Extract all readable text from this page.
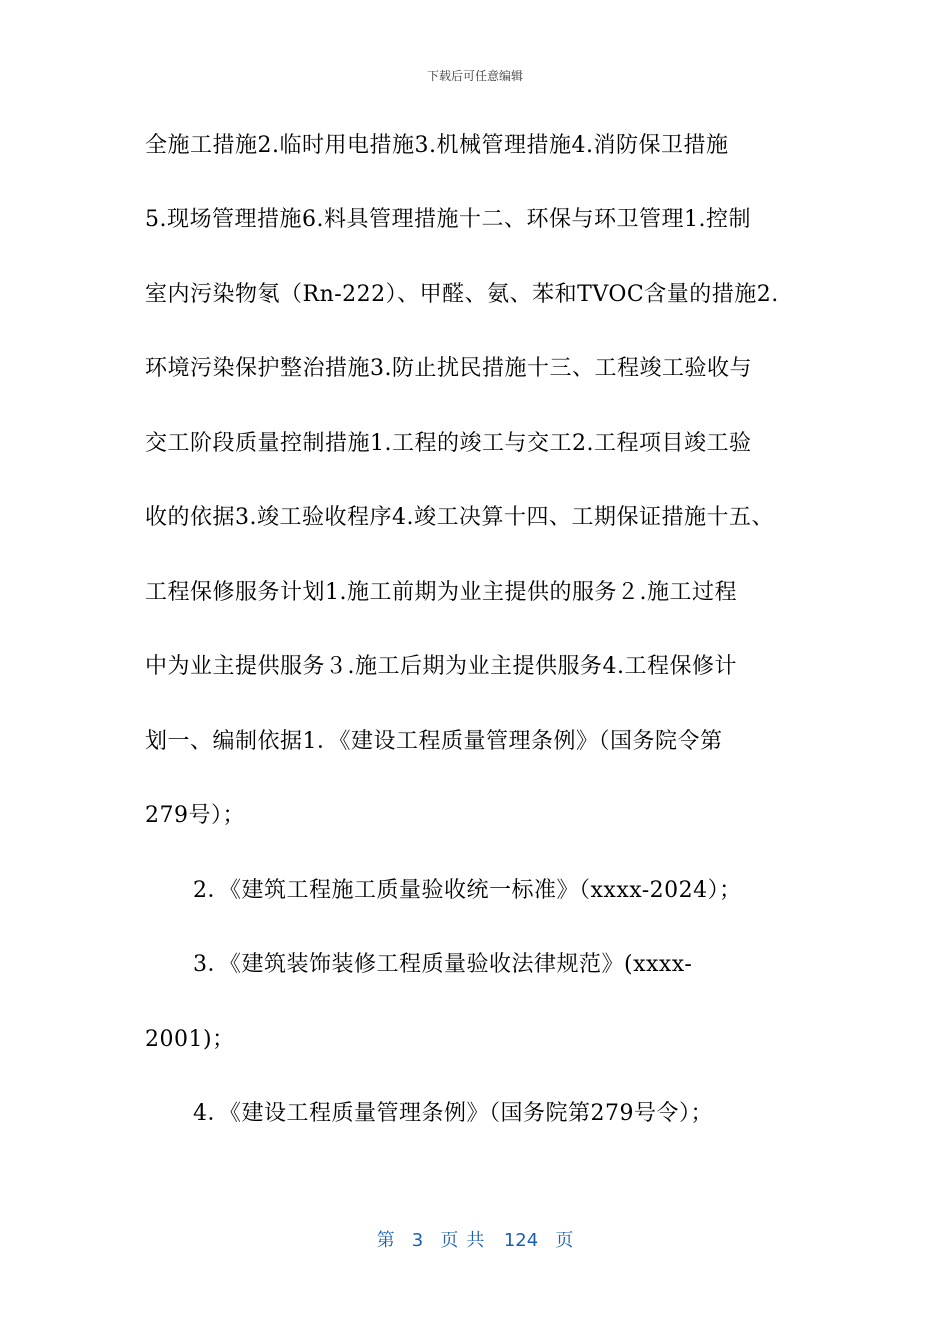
下载后可任意编辑
全施工措施2.临时用电措施3.机械管理措施4.消防保卫措施
5.现场管理措施6.料具管理措施十二、环保与环卫管理1.控制
室内污染物氡（Rn-222）、甲醛、氨、苯和TVOC含量的措施2.
环境污染保护整治措施3.防止扰民措施十三、工程竣工验收与
交工阶段质量控制措施1.工程的竣工与交工2.工程项目竣工验
收的依据3.竣工验收程序4.竣工决算十四、工期保证措施十五、
工程保修服务计划1.施工前期为业主提供的服务２.施工过程
中为业主提供服务３.施工后期为业主提供服务4.工程保修计
划一、编制依据1．《建设工程质量管理条例》（国务院令第
279号）；
2．《建筑工程施工质量验收统一标准》（xxxx-2024）；
3．《建筑装饰装修工程质量验收法律规范》(xxxx-
2001)；
4．《建设工程质量管理条例》（国务院第279号令）；
第 3 页共 124 页
